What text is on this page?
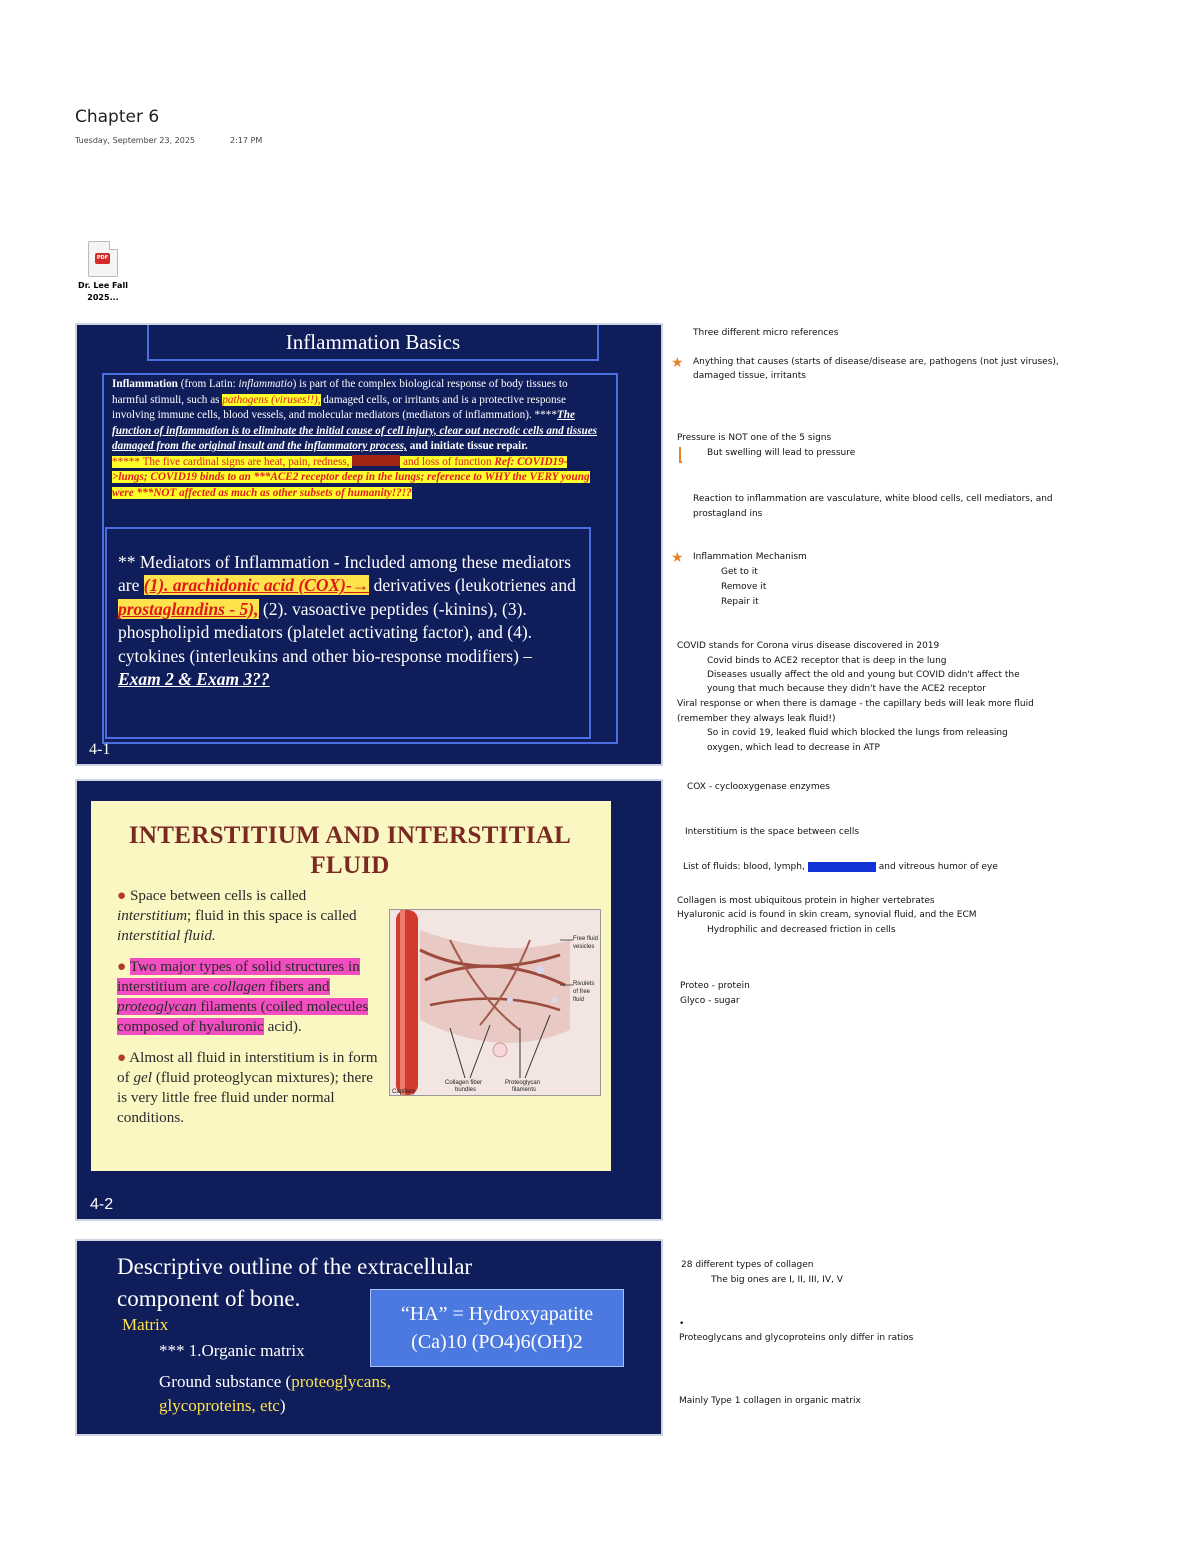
Chapter 6
Tuesday, September 23, 2025	2:17 PM
PDF
Dr. Lee Fall
2025...
Inflammation Basics
Inflammation (from Latin: inflammatio) is part of the complex biological response of body tissues to harmful stimuli, such as pathogens (viruses!!), damaged cells, or irritants and is a protective response involving immune cells, blood vessels, and molecular mediators (mediators of inflammation). ****The function of inflammation is to eliminate the initial cause of cell injury, clear out necrotic cells and tissues damaged from the original insult and the inflammatory process, and initiate tissue repair.
***** The five cardinal signs are heat, pain, redness,	and loss of function Ref: COVID19->lungs; COVID19 binds to an ***ACE2 receptor deep in the lungs; reference to WHY the VERY young were ***NOT affected as much as other subsets of humanity!?!?
** Mediators of Inflammation - Included among these mediators are (1). arachidonic acid (COX)-→ derivatives (leukotrienes and prostaglandins - 5), (2). vasoactive peptides (-kinins), (3). phospholipid mediators (platelet activating factor), and (4). cytokines (interleukins and other bio-response modifiers) – Exam 2 & Exam 3??
4-1
INTERSTITIUM AND INTERSTITIAL FLUID
● Space between cells is called interstitium; fluid in this space is called interstitial fluid.
● Two major types of solid structures in interstitium are collagen fibers and proteoglycan filaments (coiled molecules composed of hyaluronic acid).
● Almost all fluid in interstitium is in form of gel (fluid proteoglycan mixtures); there is very little free fluid under normal conditions.
Free fluid
vesicles
Rivulets
of free
fluid
Capillary
Collagen fiber
bundles
Proteoglycan
filaments
4-2
Descriptive outline of the extracellular component of bone.
Matrix
*** 1.Organic matrix
Ground substance (proteoglycans, glycoproteins, etc)
“HA” = Hydroxyapatite
(Ca)10 (PO4)6(OH)2
Three different micro references
★ Anything that causes (starts of disease/disease are, pathogens (not just viruses),
damaged tissue, irritants
Pressure is NOT one of the 5 signs
But swelling will lead to pressure
Reaction to inflammation are vasculature, white blood cells, cell mediators, and
prostagland ins
★ Inflammation Mechanism
Get to it
Remove it
Repair it
COVID stands for Corona virus disease discovered in 2019
Covid binds to ACE2 receptor that is deep in the lung
Diseases usually affect the old and young but COVID didn't affect the
young that much because they didn't have the ACE2 receptor
Viral response or when there is damage - the capillary beds will leak more fluid
(remember they always leak fluid!)
So in covid 19, leaked fluid which blocked the lungs from releasing
oxygen, which lead to decrease in ATP
COX - cyclooxygenase enzymes
Interstitium is the space between cells
List of fluids: blood, lymph, interstitial fluid and vitreous humor of eye
Collagen is most ubiquitous protein in higher vertebrates
Hyaluronic acid is found in skin cream, synovial fluid, and the ECM
Hydrophilic and decreased friction in cells
Proteo - protein
Glyco - sugar
28 different types of collagen
The big ones are I, II, III, IV, V
•
Proteoglycans and glycoproteins only differ in ratios
Mainly Type 1 collagen in organic matrix
